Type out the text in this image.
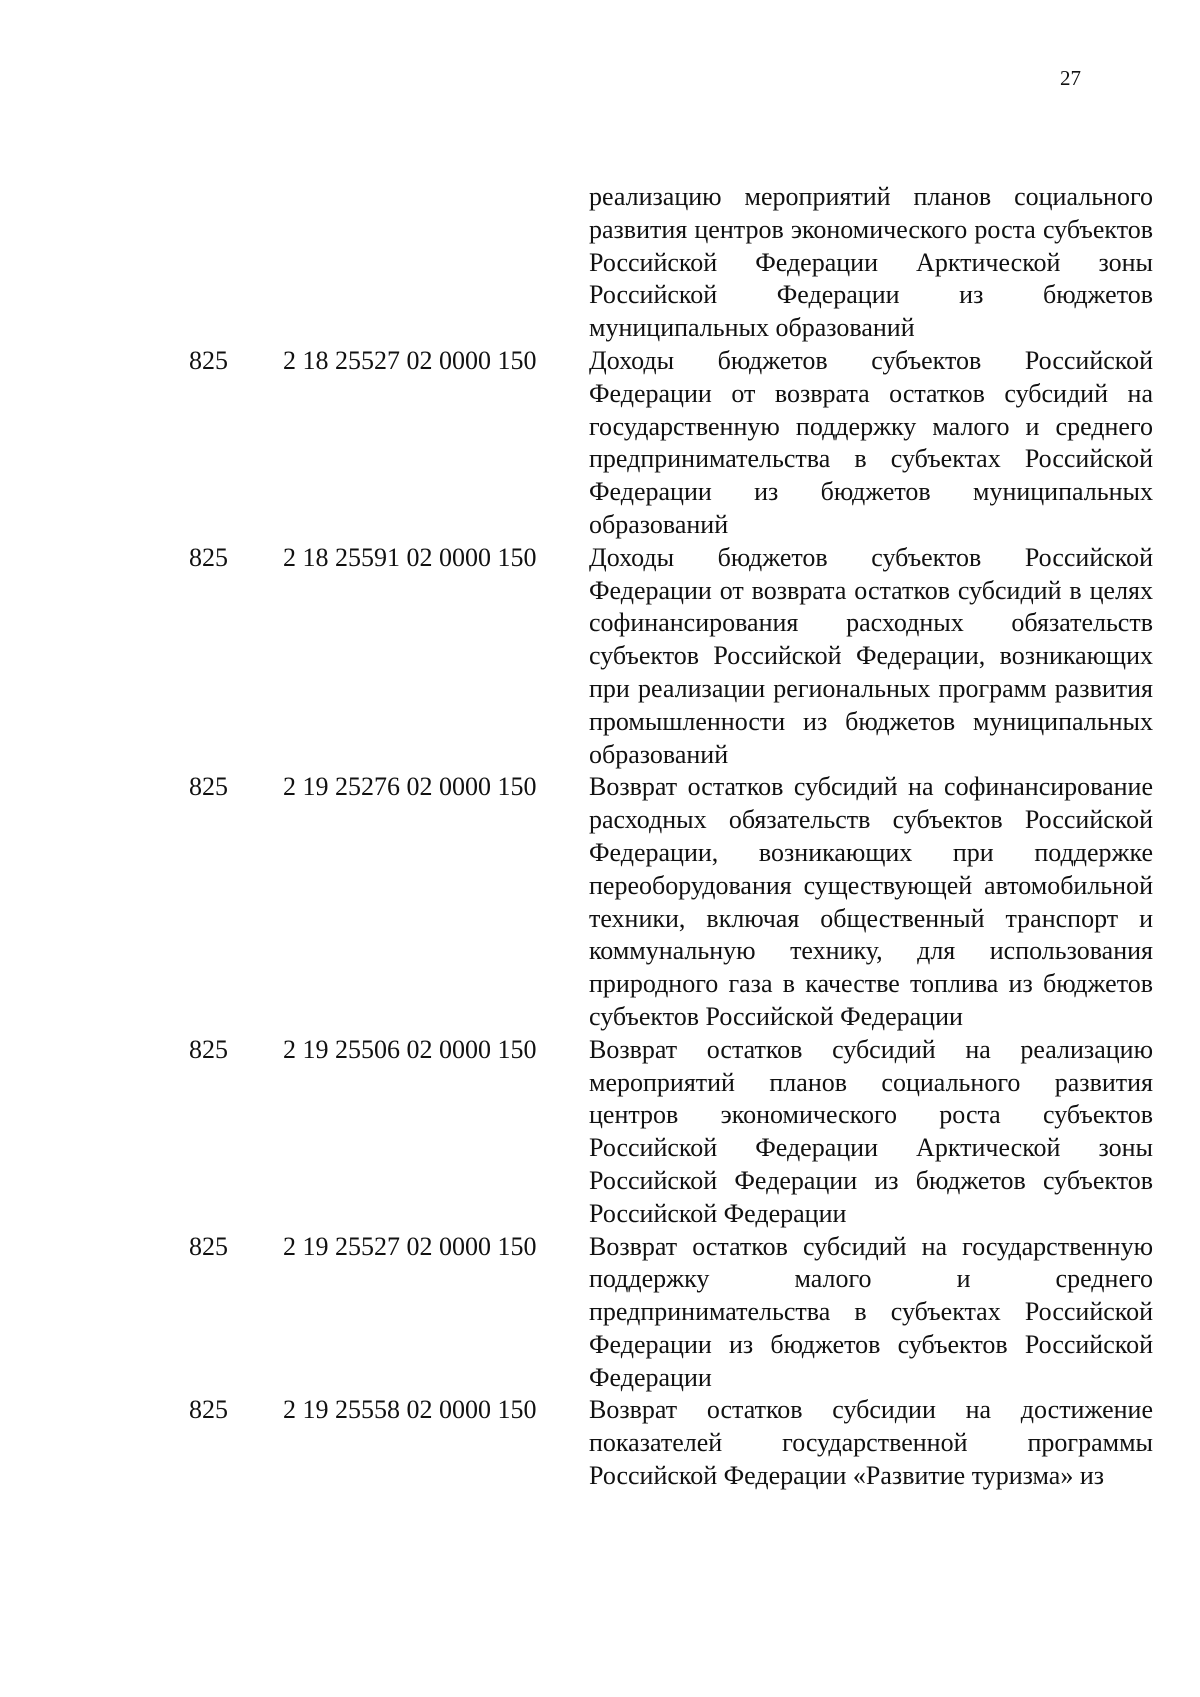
27
реализацию мероприятий планов социального развития центров экономического роста субъектов Российской Федерации Арктической зоны Российской Федерации из бюджетов муниципальных образований
825	2 18 25527 02 0000 150	Доходы бюджетов субъектов Российской Федерации от возврата остатков субсидий на государственную поддержку малого и среднего предпринимательства в субъектах Российской Федерации из бюджетов муниципальных образований
825	2 18 25591 02 0000 150	Доходы бюджетов субъектов Российской Федерации от возврата остатков субсидий в целях софинансирования расходных обязательств субъектов Российской Федерации, возникающих при реализации региональных программ развития промышленности из бюджетов муниципальных образований
825	2 19 25276 02 0000 150	Возврат остатков субсидий на софинансирование расходных обязательств субъектов Российской Федерации, возникающих при поддержке переоборудования существующей автомобильной техники, включая общественный транспорт и коммунальную технику, для использования природного газа в качестве топлива из бюджетов субъектов Российской Федерации
825	2 19 25506 02 0000 150	Возврат остатков субсидий на реализацию мероприятий планов социального развития центров экономического роста субъектов Российской Федерации Арктической зоны Российской Федерации из бюджетов субъектов Российской Федерации
825	2 19 25527 02 0000 150	Возврат остатков субсидий на государственную поддержку малого и среднего предпринимательства в субъектах Российской Федерации из бюджетов субъектов Российской Федерации
825	2 19 25558 02 0000 150	Возврат остатков субсидии на достижение показателей государственной программы Российской Федерации «Развитие туризма» из
